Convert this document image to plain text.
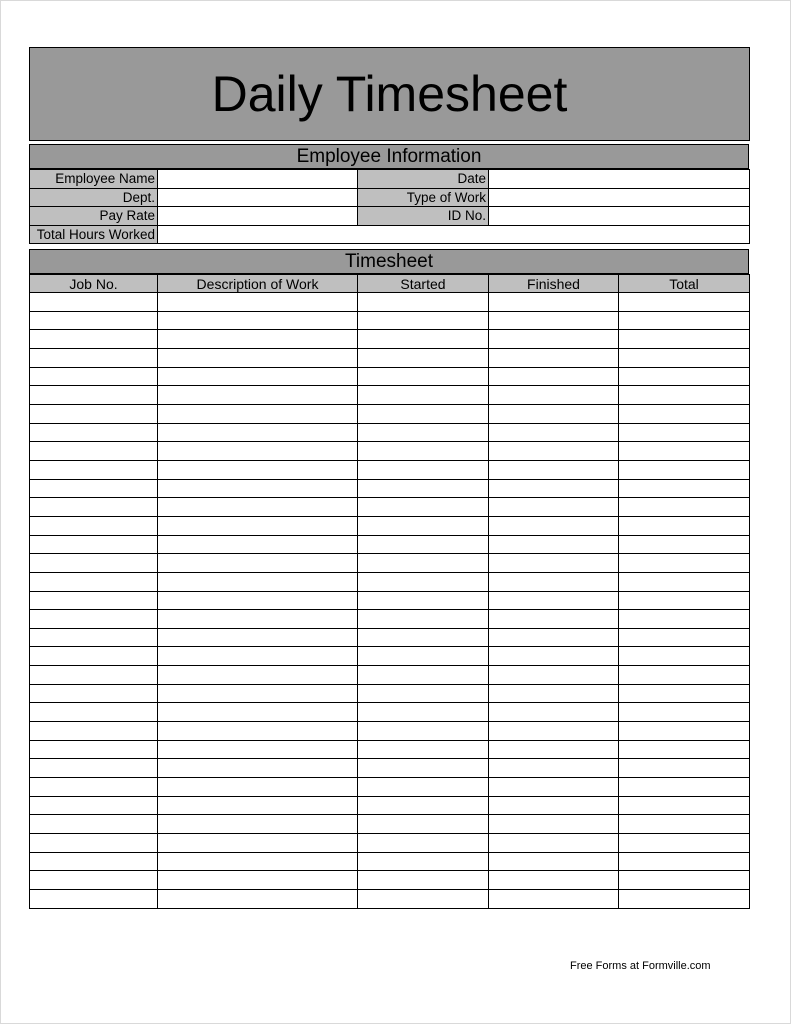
Daily Timesheet
Employee Information
Employee Name		Date	
Dept.		Type of Work	
Pay Rate		ID No.	
Total Hours Worked			
Timesheet
Job No.	Description of Work	Started	Finished	Total

Free Forms at Formville.com
